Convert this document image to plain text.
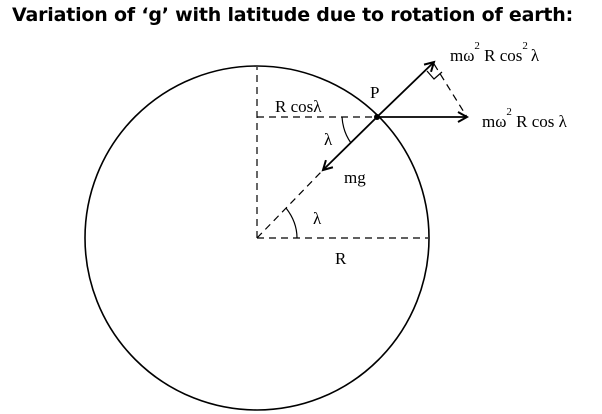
Variation of ‘g’ with latitude due to rotation of earth:
P
R cosλ
λ
mg
λ
R
$m\omega^2$ R $\cos^2 \lambda$
$m\omega^2$ R cos λ
